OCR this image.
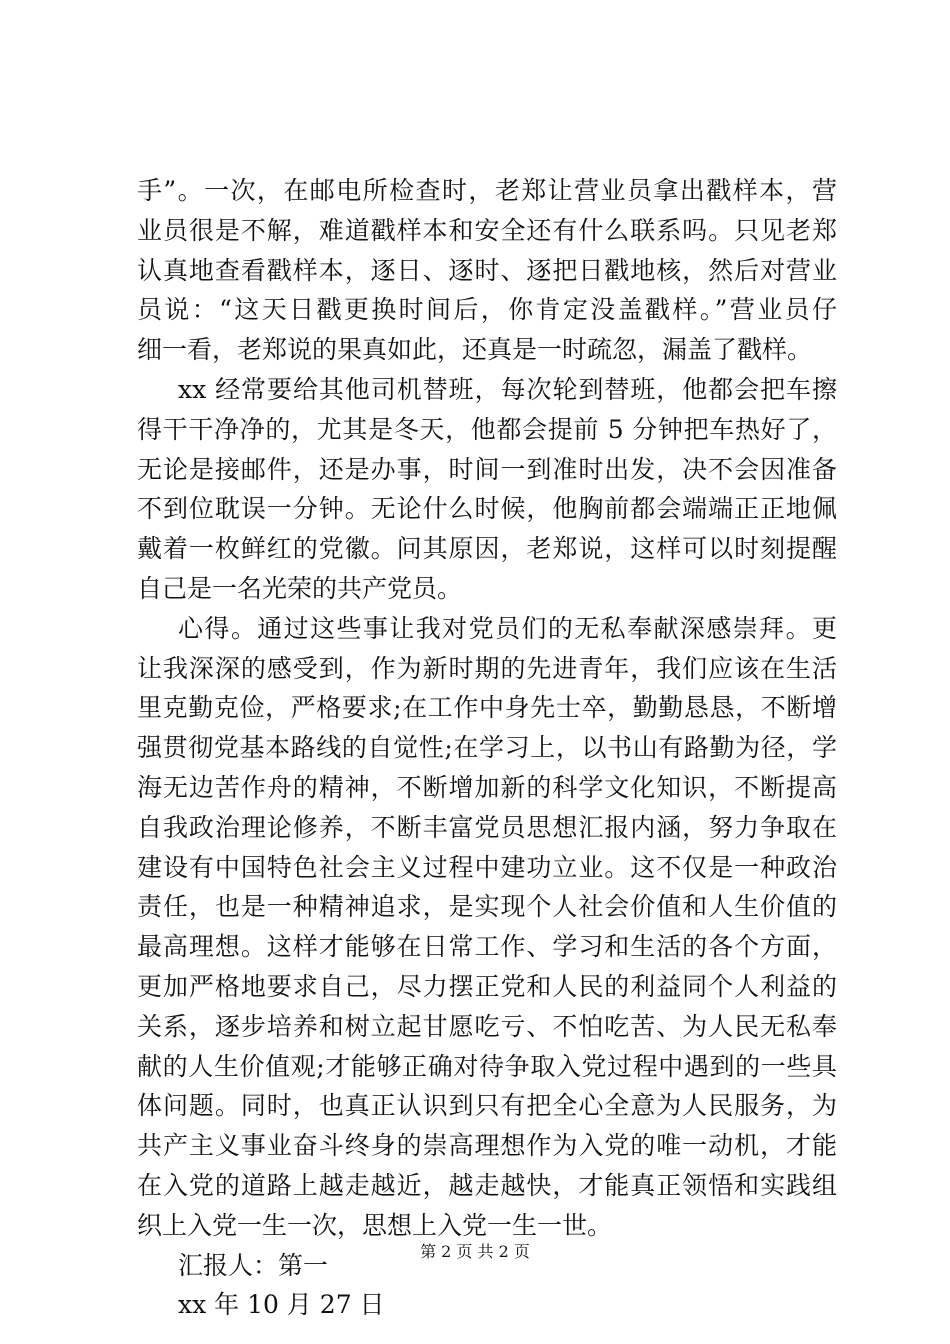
手”。一次，在邮电所检查时，老郑让营业员拿出戳样本，营
业员很是不解，难道戳样本和安全还有什么联系吗。只见老郑
认真地查看戳样本，逐日、逐时、逐把日戳地核，然后对营业
员说：“这天日戳更换时间后，你肯定没盖戳样。”营业员仔
细一看，老郑说的果真如此，还真是一时疏忽，漏盖了戳样。
xx 经常要给其他司机替班，每次轮到替班，他都会把车擦
得干干净净的，尤其是冬天，他都会提前 5 分钟把车热好了，
无论是接邮件，还是办事，时间一到准时出发，决不会因准备
不到位耽误一分钟。无论什么时候，他胸前都会端端正正地佩
戴着一枚鲜红的党徽。问其原因，老郑说，这样可以时刻提醒
自己是一名光荣的共产党员。
心得。通过这些事让我对党员们的无私奉献深感崇拜。更
让我深深的感受到，作为新时期的先进青年，我们应该在生活
里克勤克俭，严格要求;在工作中身先士卒，勤勤恳恳，不断增
强贯彻党基本路线的自觉性;在学习上，以书山有路勤为径，学
海无边苦作舟的精神，不断增加新的科学文化知识，不断提高
自我政治理论修养，不断丰富党员思想汇报内涵，努力争取在
建设有中国特色社会主义过程中建功立业。这不仅是一种政治
责任，也是一种精神追求，是实现个人社会价值和人生价值的
最高理想。这样才能够在日常工作、学习和生活的各个方面，
更加严格地要求自己，尽力摆正党和人民的利益同个人利益的
关系，逐步培养和树立起甘愿吃亏、不怕吃苦、为人民无私奉
献的人生价值观;才能够正确对待争取入党过程中遇到的一些具
体问题。同时，也真正认识到只有把全心全意为人民服务，为
共产主义事业奋斗终身的崇高理想作为入党的唯一动机，才能
在入党的道路上越走越近，越走越快，才能真正领悟和实践组
织上入党一生一次，思想上入党一生一世。
汇报人：第一
xx 年 10 月 27 日
第 2 页 共 2 页
